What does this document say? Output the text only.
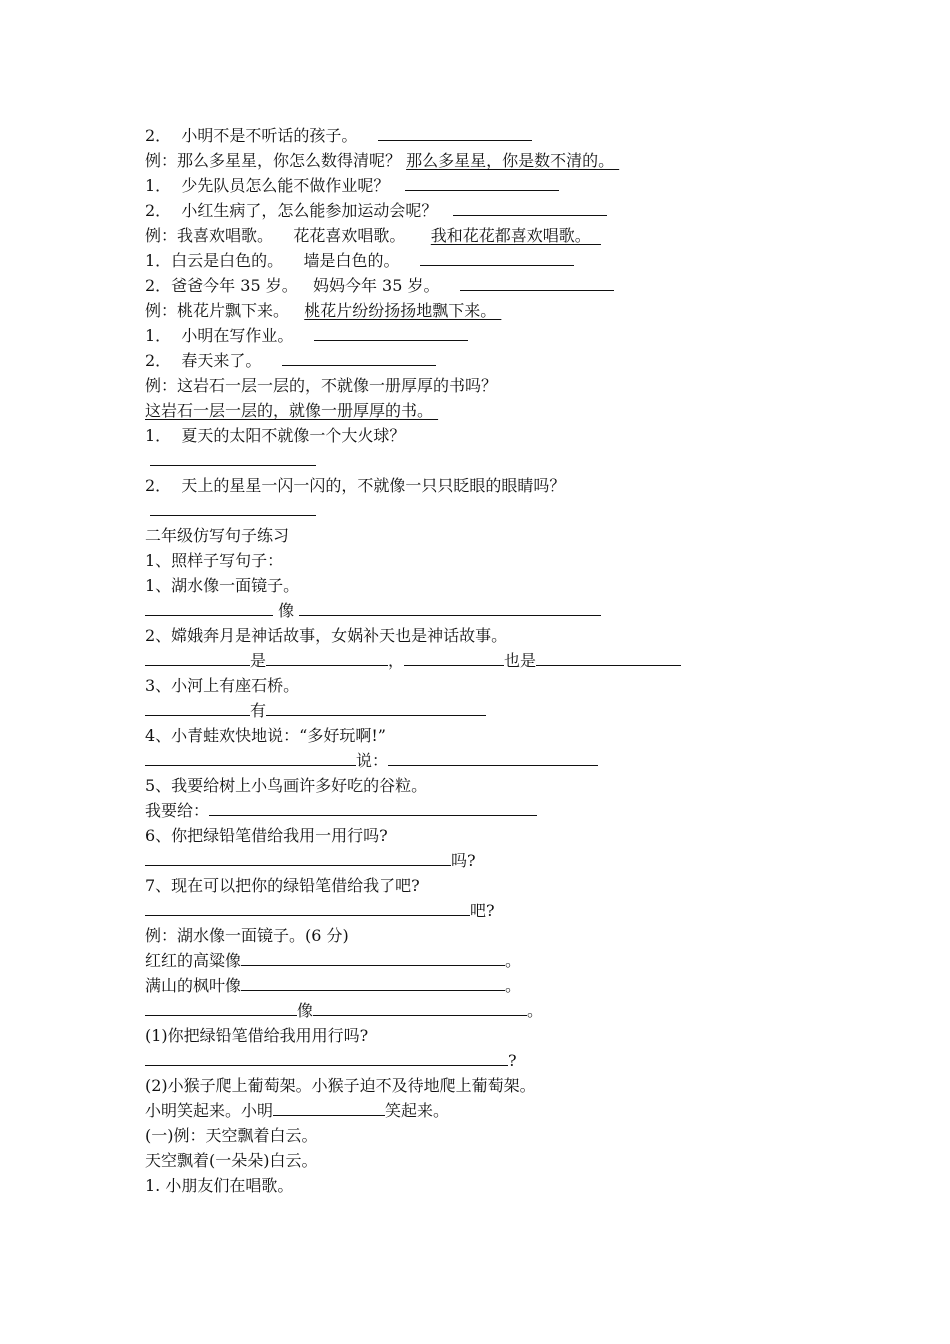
2．  小明不是不听话的孩子。
例：那么多星星，你怎么数得清呢？ 那么多星星，你是数不清的。
1．  少先队员怎么能不做作业呢？
2．  小红生病了，怎么能参加运动会呢？
例：我喜欢唱歌。    花花喜欢唱歌。     我和花花都喜欢唱歌。
1．白云是白色的。    墙是白色的。
2．爸爸今年 35 岁。   妈妈今年 35 岁。
例：桃花片飘下来。   桃花片纷纷扬扬地飘下来。
1．  小明在写作业。
2．  春天来了。
例：这岩石一层一层的，不就像一册厚厚的书吗？
这岩石一层一层的，就像一册厚厚的书。
1．  夏天的太阳不就像一个大火球？

2．  天上的星星一闪一闪的，不就像一只只眨眼的眼睛吗？

二年级仿写句子练习
1、照样子写句子：
1、湖水像一面镜子。
像
2、嫦娥奔月是神话故事，女娲补天也是神话故事。
是	，	也是
3、小河上有座石桥。
有
4、小青蛙欢快地说：“多好玩啊!”
说：
5、我要给树上小鸟画许多好吃的谷粒。
我要给：
6、你把绿铅笔借给我用一用行吗?
吗?
7、现在可以把你的绿铅笔借给我了吧?
吧?
例：湖水像一面镜子。(6 分)
红红的高粱像	。
满山的枫叶像	。
像	。
(1)你把绿铅笔借给我用用行吗?
?
(2)小猴子爬上葡萄架。小猴子迫不及待地爬上葡萄架。
小明笑起来。小明	笑起来。
(一)例：天空飘着白云。
天空飘着(一朵朵)白云。
1. 小朋友们在唱歌。
